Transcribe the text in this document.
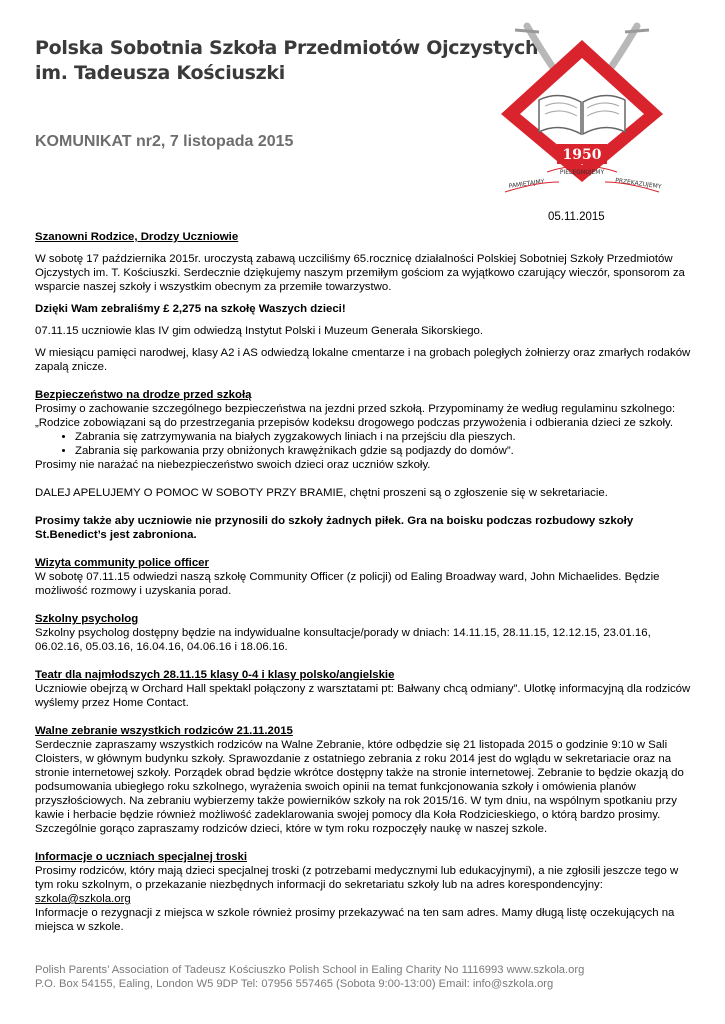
Polska Sobotnia Szkoła Przedmiotów Ojczystych
im. Tadeusza Kościuszki
KOMUNIKAT nr2, 7 listopada 2015
1950
PIELĘGNUJEMY
PAMIĘTAJMY	PRZEKAZUJEMY
05.11.2015

Szanowni Rodzice, Drodzy Uczniowie

W sobotę 17 października 2015r. uroczystą zabawą uczciliśmy 65.rocznicę działalności Polskiej Sobotniej Szkoły Przedmiotów Ojczystych im. T. Kościuszki. Serdecznie dziękujemy naszym przemiłym gościom za wyjątkowo czarujący wieczór, sponsorom za wsparcie naszej szkoły i wszystkim obecnym za przemiłe towarzystwo.

Dzięki Wam zebraliśmy £ 2,275 na szkołę Waszych dzieci!

07.11.15 uczniowie klas IV gim odwiedzą Instytut Polski i Muzeum Generała Sikorskiego.

W miesiącu pamięci narodwej, klasy A2 i AS odwiedzą lokalne cmentarze i na grobach poległych żołnierzy oraz zmarłych rodaków zapalą znicze.

Bezpieczeństwo na drodze przed szkołą

Prosimy o zachowanie szczególnego bezpieczeństwa na jezdni przed szkołą. Przypominamy że według regulaminu szkolnego: „Rodzice zobowiązani są do przestrzegania przepisów kodeksu drogowego podczas przywożenia i odbierania dzieci ze szkoły.

• Zabrania się zatrzymywania na białych zygzakowych liniach i na przejściu dla pieszych.
• Zabrania się parkowania przy obniżonych krawężnikach gdzie są podjazdy do domów”.

Prosimy nie narażać na niebezpieczeństwo swoich dzieci oraz uczniów szkoły.

DALEJ APELUJEMY O POMOC W SOBOTY PRZY BRAMIE, chętni proszeni są o zgłoszenie się w sekretariacie.

Prosimy także aby uczniowie nie przynosili do szkoły żadnych piłek. Gra na boisku podczas rozbudowy szkoły St.Benedict’s jest zabroniona.

Wizyta community police officer

W sobotę 07.11.15 odwiedzi naszą szkołę Community Officer (z policji) od Ealing Broadway ward, John Michaelides. Będzie możliwość rozmowy i uzyskania porad.

Szkolny psycholog

Szkolny psycholog dostępny będzie na indywidualne konsultacje/porady w dniach: 14.11.15, 28.11.15, 12.12.15, 23.01.16, 06.02.16, 05.03.16, 16.04.16, 04.06.16 i 18.06.16.

Teatr dla najmłodszych 28.11.15 klasy 0-4 i klasy polsko/angielskie

Uczniowie obejrzą w Orchard Hall spektakl połączony z warsztatami pt: Bałwany chcą odmiany”. Ulotkę informacyjną dla rodziców wyślemy przez Home Contact.

Walne zebranie wszystkich rodziców 21.11.2015

Serdecznie zapraszamy wszystkich rodziców na Walne Zebranie, które odbędzie się 21 listopada 2015 o godzinie 9:10 w Sali Cloisters, w głównym budynku szkoły. Sprawozdanie z ostatniego zebrania z roku 2014 jest do wglądu w sekretariacie oraz na stronie internetowej szkoły. Porządek obrad będzie wkrótce dostępny także na stronie internetowej. Zebranie to będzie okazją do podsumowania ubiegłego roku szkolnego, wyrażenia swoich opinii na temat funkcjonowania szkoły i omówienia planów przyszłościowych. Na zebraniu wybierzemy także powierników szkoły na rok 2015/16. W tym dniu, na wspólnym spotkaniu przy kawie i herbacie będzie również możliwość zadeklarowania swojej pomocy dla Koła Rodzicieskiego, o którą bardzo prosimy.

Szczególnie gorąco zapraszamy rodziców dzieci, które w tym roku rozpoczęły naukę w naszej szkole.

Informacje o uczniach specjalnej troski

Prosimy rodziców, który mają dzieci specjalnej troski (z potrzebami medycznymi lub edukacyjnymi), a nie zgłosili jeszcze tego w tym roku szkolnym, o przekazanie niezbędnych informacji do sekretariatu szkoły lub na adres korespondencyjny: szkola@szkola.org

Informacje o rezygnacji z miejsca w szkole również prosimy przekazywać na ten sam adres. Mamy długą listę oczekujących na miejsca w szkole.

Polish Parents’ Association of Tadeusz Kościuszko Polish School in Ealing Charity No 1116993 www.szkola.org
P.O. Box 54155, Ealing, London W5 9DP Tel: 07956 557465 (Sobota 9:00-13:00) Email: info@szkola.org
